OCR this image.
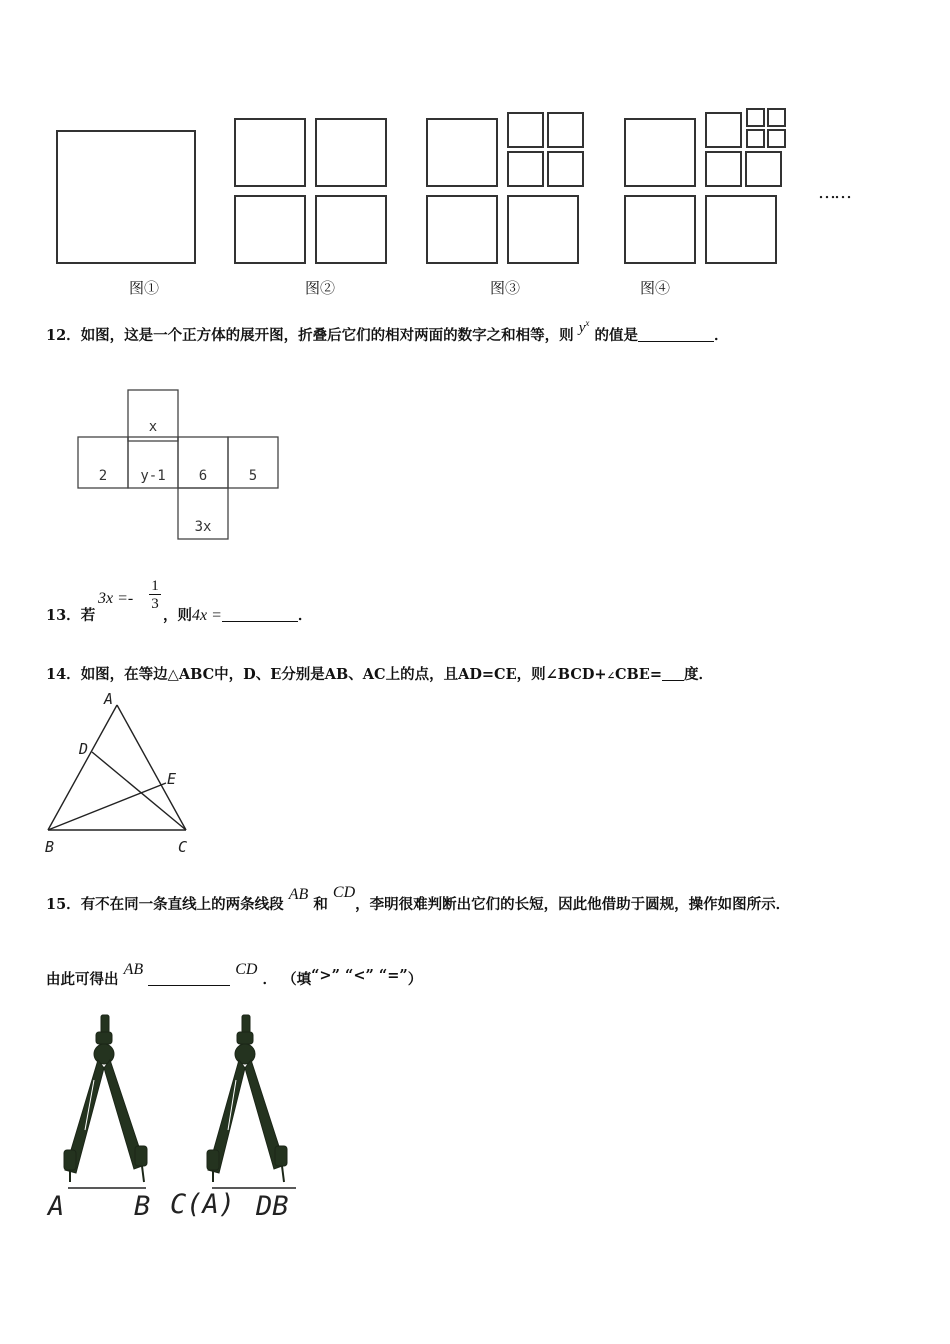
……
图①	图②	图③	图④
12．如图，这是一个正方体的展开图，折叠后它们的相对两面的数字之和相等，则 $y^x$ 的值是	．
x
2 y-1 6	5
3x
13．若
3x =-
1
3
，则4x =	．
14．如图，在等边△ABC中，D、E分别是AB、AC上的点，且AD=CE，则∠BCD+∠CBE= 度．
A
D
E
B	C
15．有不在同一条直线上的两条线段 AB 和 CD，李明很难判断出它们的长短，因此他借助于圆规，操作如图所示．
由此可得出 AB	CD ． （填“>” “<” “=”）
A	B C(A) DB
